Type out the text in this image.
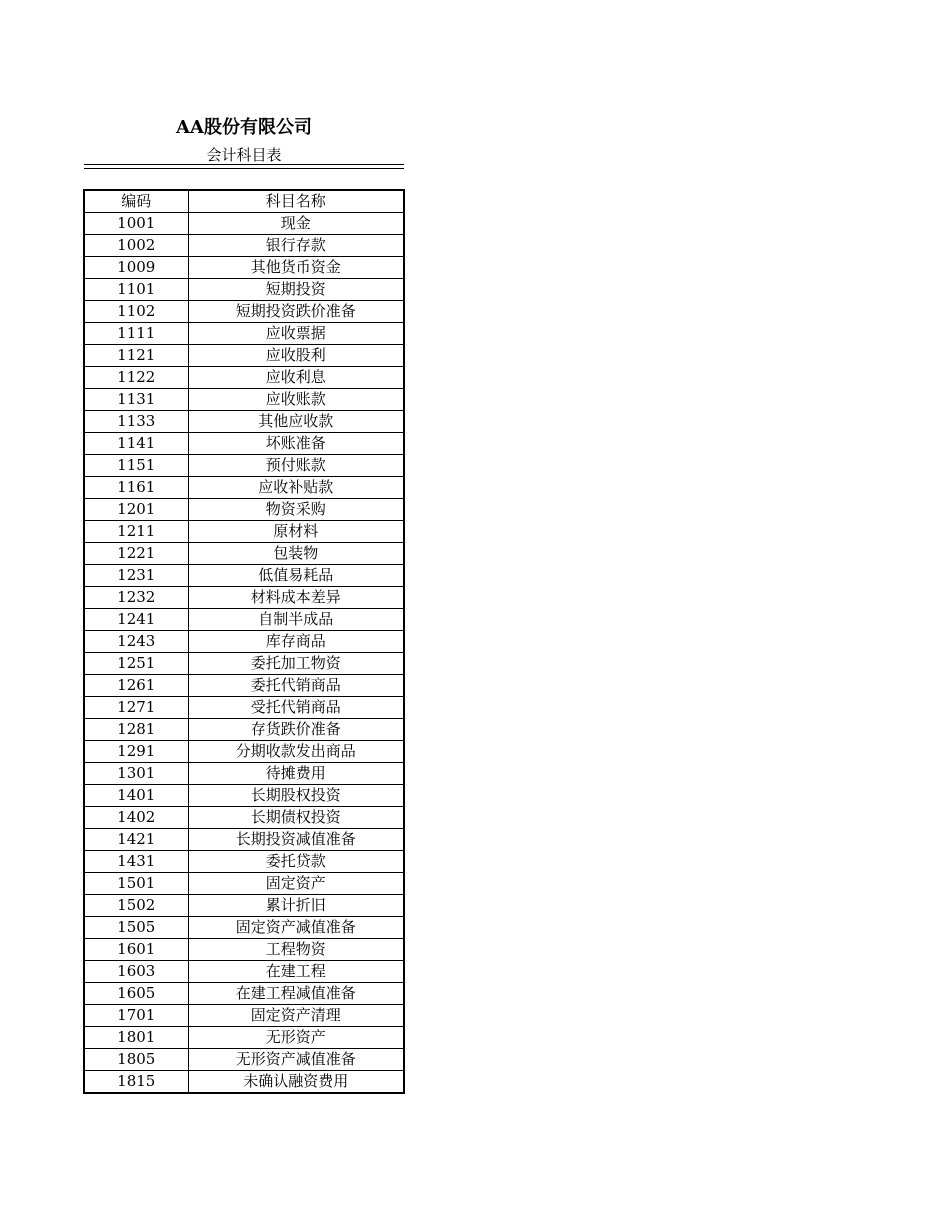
AA股份有限公司
会计科目表
编码	科目名称
1001	现金
1002	银行存款
1009	其他货币资金
1101	短期投资
1102	短期投资跌价准备
1111	应收票据
1121	应收股利
1122	应收利息
1131	应收账款
1133	其他应收款
1141	坏账准备
1151	预付账款
1161	应收补贴款
1201	物资采购
1211	原材料
1221	包装物
1231	低值易耗品
1232	材料成本差异
1241	自制半成品
1243	库存商品
1251	委托加工物资
1261	委托代销商品
1271	受托代销商品
1281	存货跌价准备
1291	分期收款发出商品
1301	待摊费用
1401	长期股权投资
1402	长期债权投资
1421	长期投资减值准备
1431	委托贷款
1501	固定资产
1502	累计折旧
1505	固定资产减值准备
1601	工程物资
1603	在建工程
1605	在建工程减值准备
1701	固定资产清理
1801	无形资产
1805	无形资产减值准备
1815	未确认融资费用
